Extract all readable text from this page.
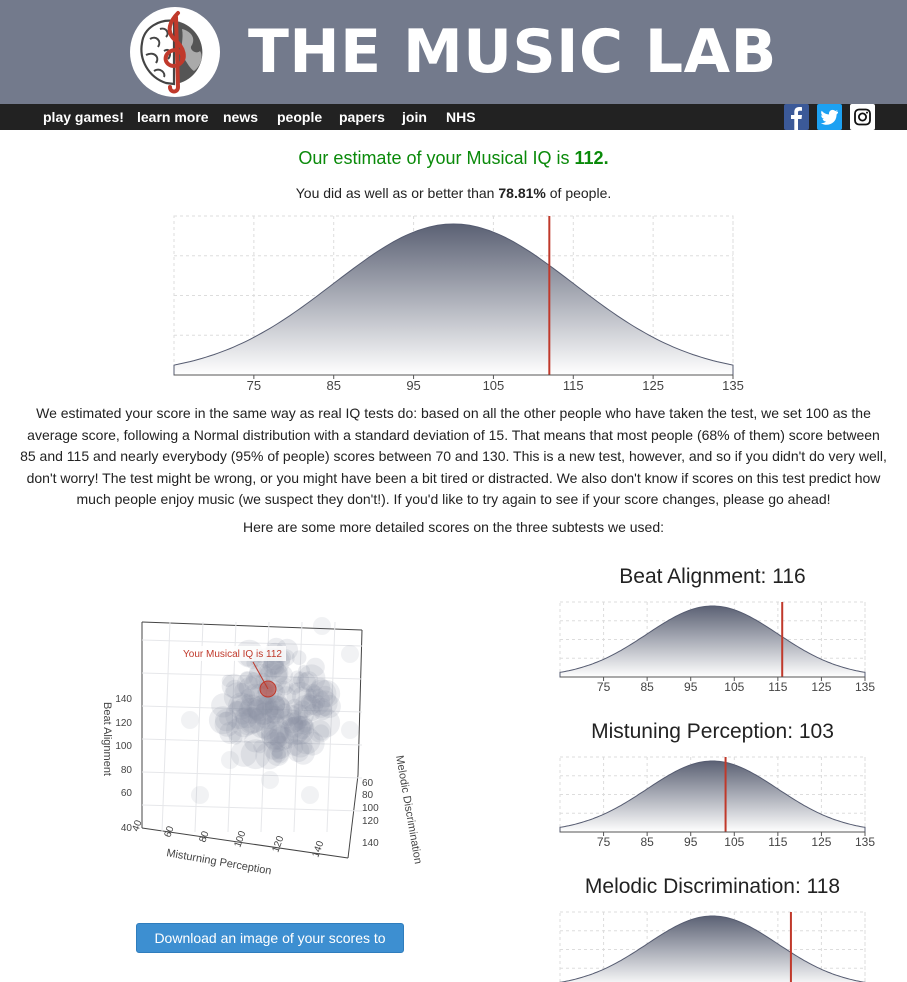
THE MUSIC LAB
play games! learn more news people papers join NHS
Our estimate of your Musical IQ is 112.
You did as well as or better than 78.81% of people.
75	85	95	105	115	125	135
We estimated your score in the same way as real IQ tests do: based on all the other people who have taken the test, we set 100 as the average score, following a Normal distribution with a standard deviation of 15. That means that most people (68% of them) score between 85 and 115 and nearly everybody (95% of people) scores between 70 and 130. This is a new test, however, and so if you didn't do very well, don't worry! The test might be wrong, or you might have been a bit tired or distracted. We also don't know if scores on this test predict how much people enjoy music (we suspect they don't!). If you'd like to try again to see if your score changes, please go ahead!
Here are some more detailed scores on the three subtests we used:
Your Musical IQ is 112
40
60
80
100
120
140
Beat Alignment
40 60 80 100 120 140
Misturning Perception
60
80
100
120
140 Melodic Discrimination
Download an image of your scores to share!
Beat Alignment: 116
75	85	95 105 115 125 135
Mistuning Perception: 103
75	85	95 105 115 125 135
Melodic Discrimination: 118
